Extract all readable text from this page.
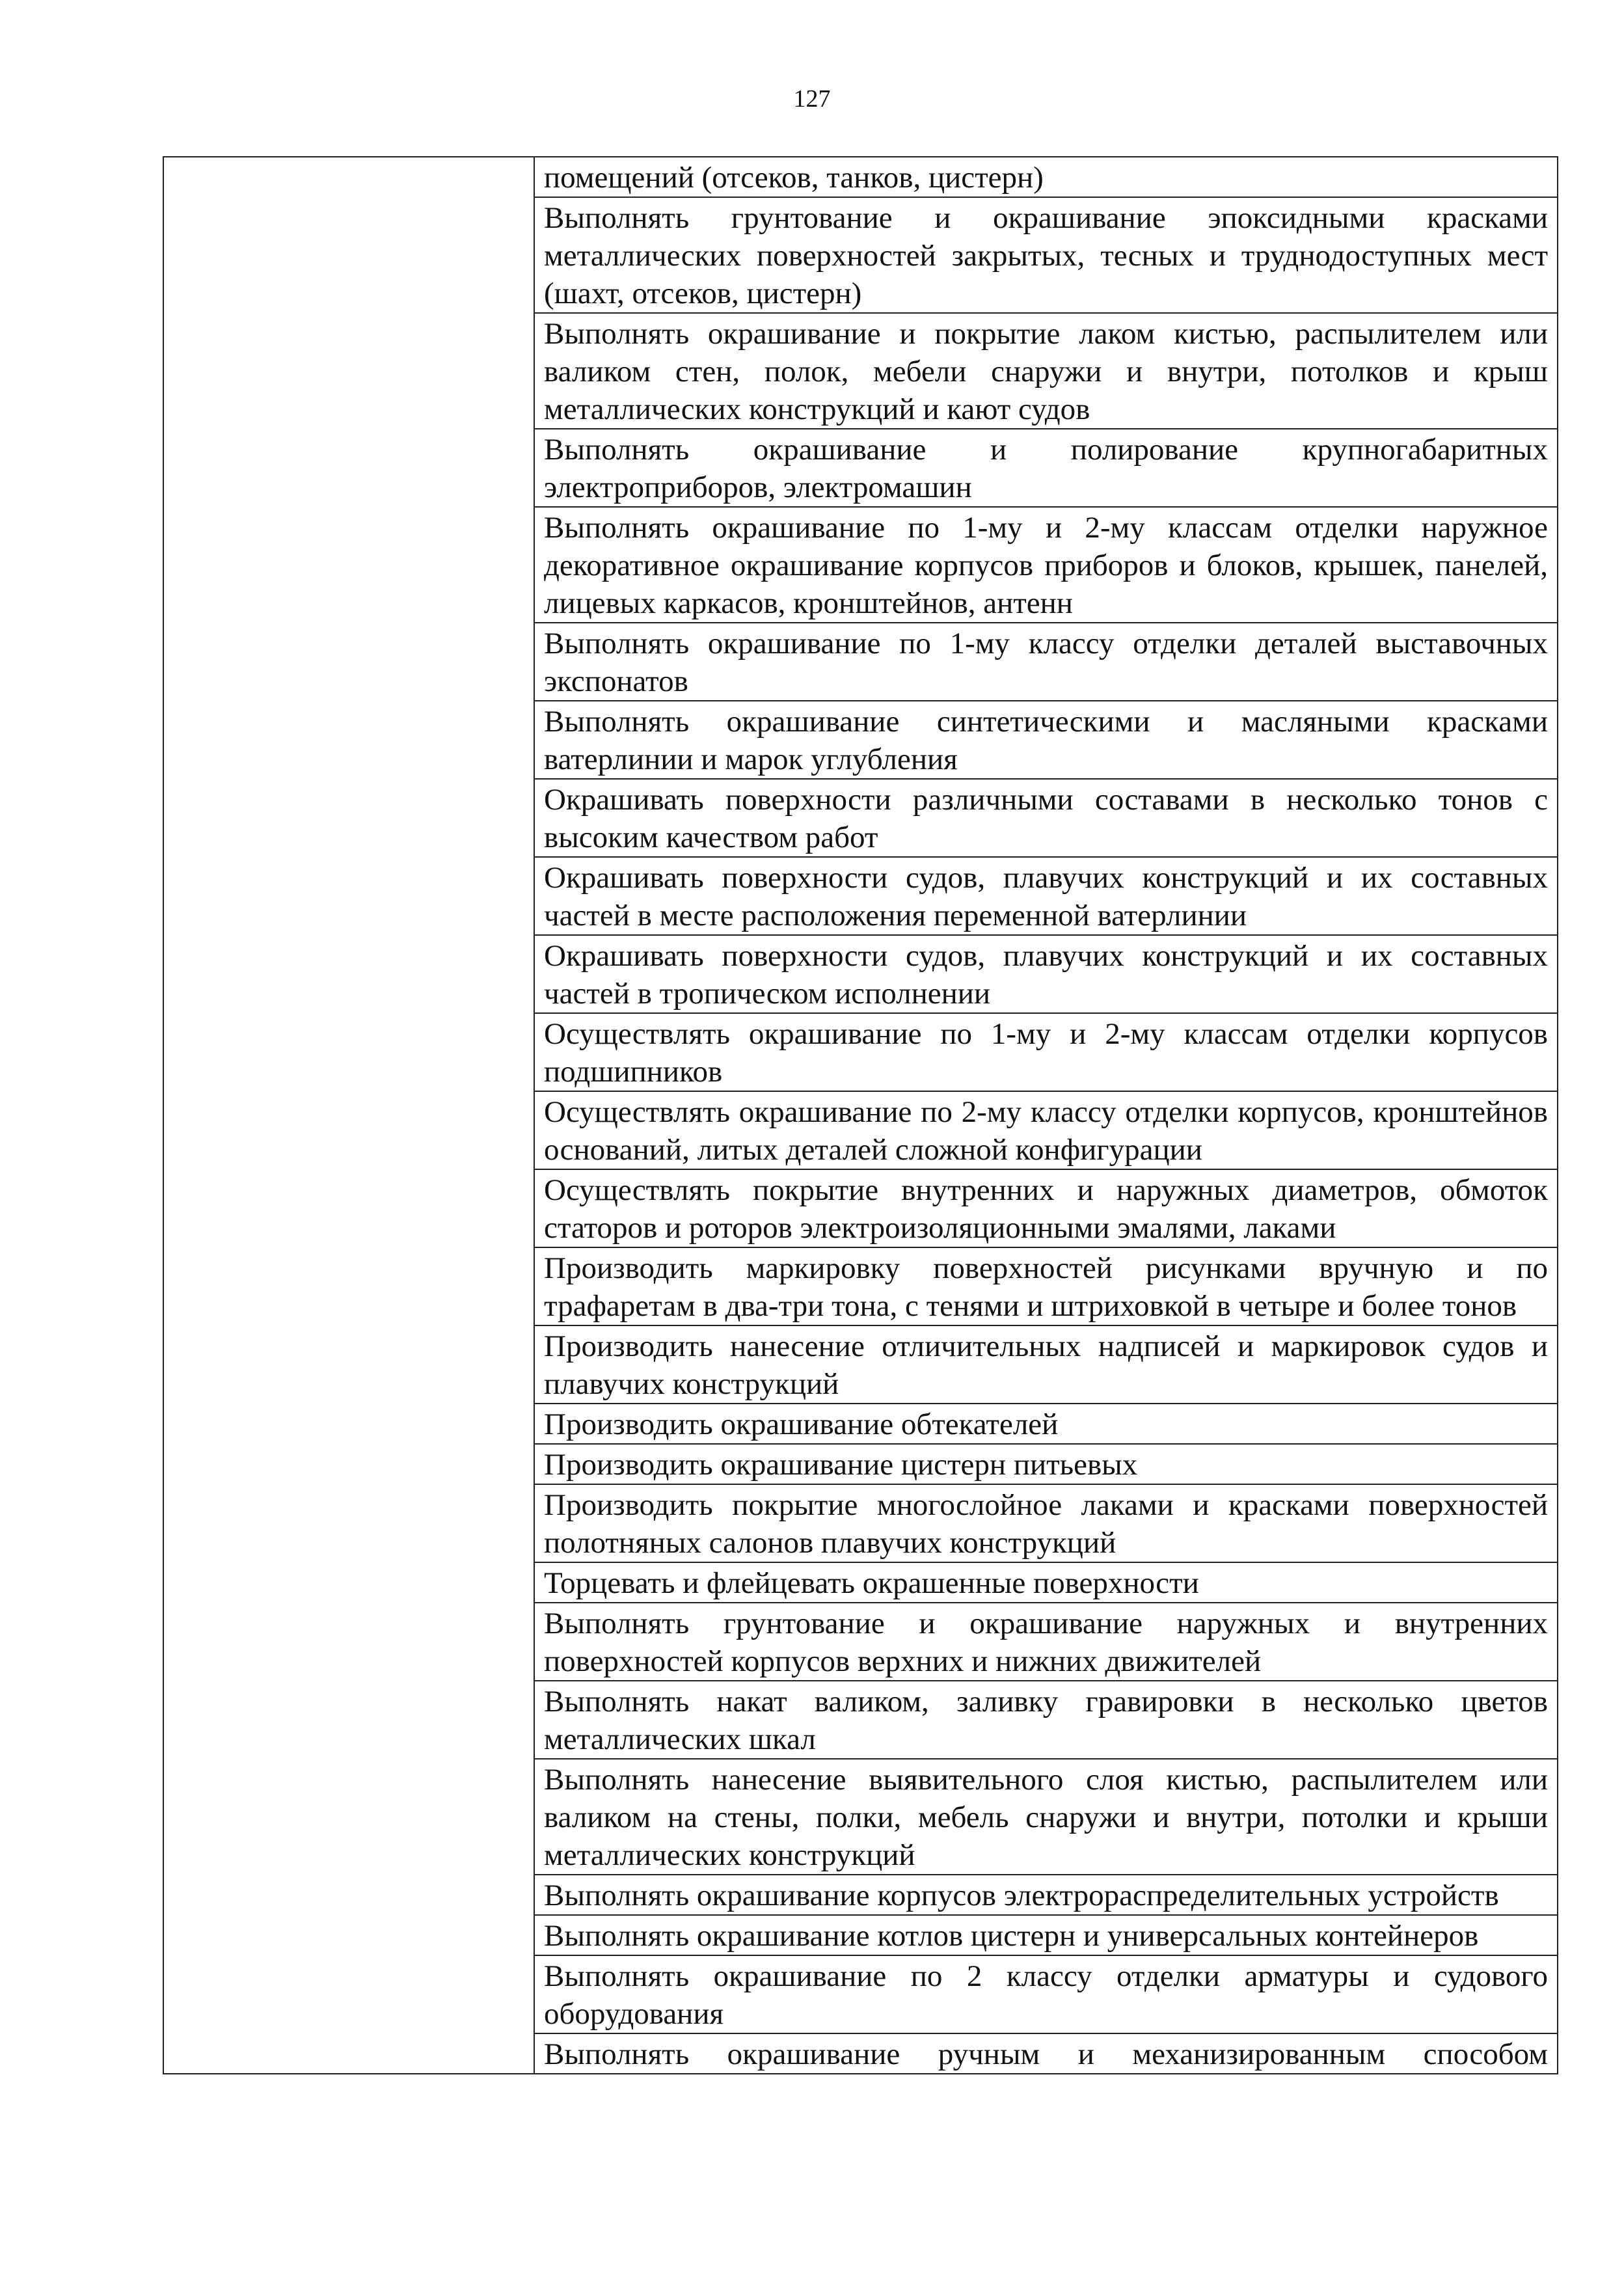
127
	помещений (отсеков, танков, цистерн)
Выполнять грунтование и окрашивание эпоксидными красками металлических поверхностей закрытых, тесных и труднодоступных мест (шахт, отсеков, цистерн)
Выполнять окрашивание и покрытие лаком кистью, распылителем или валиком стен, полок, мебели снаружи и внутри, потолков и крыш металлических конструкций и кают судов
Выполнять окрашивание и полирование крупногабаритных электроприборов, электромашин
Выполнять окрашивание по 1-му и 2-му классам отделки наружное декоративное окрашивание корпусов приборов и блоков, крышек, панелей, лицевых каркасов, кронштейнов, антенн
Выполнять окрашивание по 1-му классу отделки деталей выставочных экспонатов
Выполнять окрашивание синтетическими и масляными красками ватерлинии и марок углубления
Окрашивать поверхности различными составами в несколько тонов с высоким качеством работ
Окрашивать поверхности судов, плавучих конструкций и их составных частей в месте расположения переменной ватерлинии
Окрашивать поверхности судов, плавучих конструкций и их составных частей в тропическом исполнении
Осуществлять окрашивание по 1-му и 2-му классам отделки корпусов подшипников
Осуществлять окрашивание по 2-му классу отделки корпусов, кронштейнов оснований, литых деталей сложной конфигурации
Осуществлять покрытие внутренних и наружных диаметров, обмоток статоров и роторов электроизоляционными эмалями, лаками
Производить маркировку поверхностей рисунками вручную и по трафаретам в два-три тона, с тенями и штриховкой в четыре и более тонов
Производить нанесение отличительных надписей и маркировок судов и плавучих конструкций
Производить окрашивание обтекателей
Производить окрашивание цистерн питьевых
Производить покрытие многослойное лаками и красками поверхностей полотняных салонов плавучих конструкций
Торцевать и флейцевать окрашенные поверхности
Выполнять грунтование и окрашивание наружных и внутренних поверхностей корпусов верхних и нижних движителей
Выполнять накат валиком, заливку гравировки в несколько цветов металлических шкал
Выполнять нанесение выявительного слоя кистью, распылителем или валиком на стены, полки, мебель снаружи и внутри, потолки и крыши металлических конструкций
Выполнять окрашивание корпусов электрораспределительных устройств
Выполнять окрашивание котлов цистерн и универсальных контейнеров
Выполнять окрашивание по 2 классу отделки арматуры и судового оборудования
Выполнять окрашивание ручным и механизированным способом
